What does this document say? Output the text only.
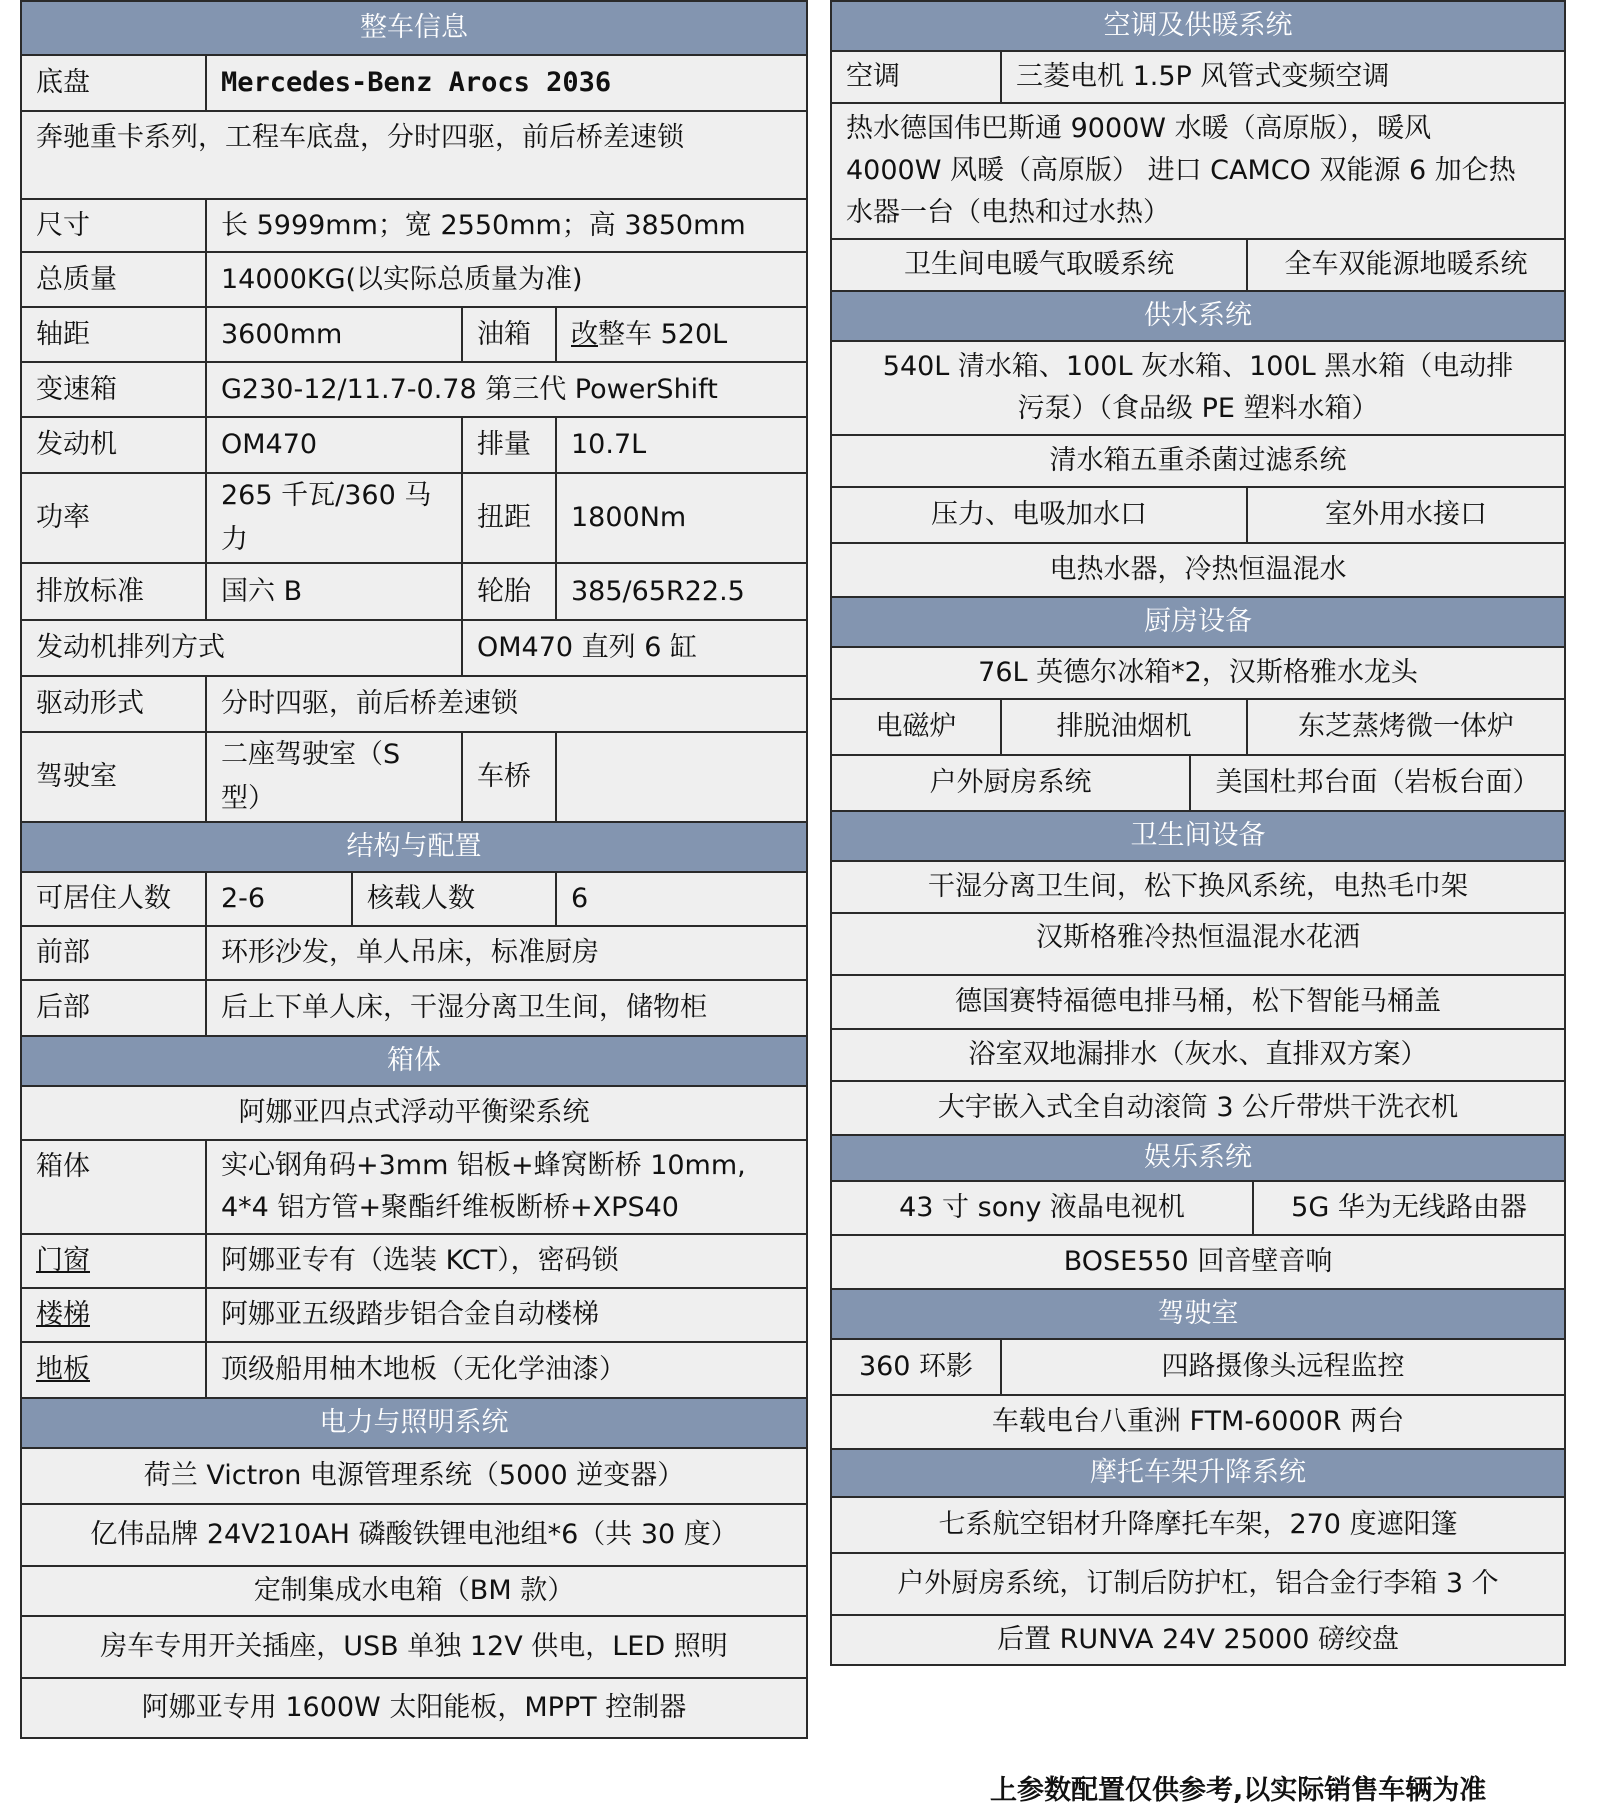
整车信息				
底盘	Mercedes-Benz Arocs 2036			
奔驰重卡系列，工程车底盘，分时四驱，前后桥差速锁				
尺寸	长 5999mm；宽 2550mm；高 3850mm			
总质量	14000KG(以实际总质量为准)			
轴距	3600mm		油箱	改整车 520L
变速箱	G230-12/11.7-0.78 第三代 PowerShift			
发动机	OM470		排量	10.7L
功率	265 千瓦/360 马力		扭距	1800Nm
排放标准	国六 B		轮胎	385/65R22.5
发动机排列方式			OM470 直列 6 缸	
驱动形式	分时四驱，前后桥差速锁			
驾驶室	二座驾驶室（S 型）		车桥	
结构与配置				
可居住人数	2-6	核载人数		6
前部	环形沙发，单人吊床，标准厨房			
后部	后上下单人床，干湿分离卫生间，储物柜			
箱体				
阿娜亚四点式浮动平衡梁系统				
箱体	实心钢角码+3mm 铝板+蜂窝断桥 10mm,
4*4 铝方管+聚酯纤维板断桥+XPS40			

门窗	阿娜亚专有（选装 KCT），密码锁			
楼梯	阿娜亚五级踏步铝合金自动楼梯			
地板	顶级船用柚木地板（无化学油漆）			
电力与照明系统				
荷兰 Victron 电源管理系统（5000 逆变器）				
亿伟品牌 24V210AH 磷酸铁锂电池组*6（共 30 度）				
定制集成水电箱（BM 款）				
房车专用开关插座，USB 单独 12V 供电，LED 照明				
阿娜亚专用 1600W 太阳能板，MPPT 控制器				
空调及供暖系统				
空调	三菱电机 1.5P 风管式变频空调			

热水德国伟巴斯通 9000W 水暖（高原版），暖风
4000W 风暖（高原版） 进口 CAMCO 双能源 6 加仑热
水器一台（电热和过水热）				

卫生间电暖气取暖系统			全车双能源地暖系统	
供水系统				

540L 清水箱、100L 灰水箱、100L 黑水箱（电动排
污泵）（食品级 PE 塑料水箱）				

清水箱五重杀菌过滤系统				
压力、电吸加水口			室外用水接口	
电热水器，冷热恒温混水				
厨房设备				
76L 英德尔冰箱*2，汉斯格雅水龙头				
电磁炉	排脱油烟机		东芝蒸烤微一体炉	
户外厨房系统		美国杜邦台面（岩板台面）		
卫生间设备				
干湿分离卫生间，松下换风系统，电热毛巾架				
汉斯格雅冷热恒温混水花洒				
德国赛特福德电排马桶，松下智能马桶盖				
浴室双地漏排水（灰水、直排双方案）				
大宇嵌入式全自动滚筒 3 公斤带烘干洗衣机				
娱乐系统				
43 寸 sony 液晶电视机				5G 华为无线路由器
BOSE550 回音壁音响				
驾驶室				
360 环影	四路摄像头远程监控			
车载电台八重洲 FTM-6000R 两台				
摩托车架升降系统				
七系航空铝材升降摩托车架，270 度遮阳篷				
户外厨房系统，订制后防护杠，铝合金行李箱 3 个				
后置 RUNVA 24V 25000 磅绞盘				
上参数配置仅供参考,以实际销售车辆为准
